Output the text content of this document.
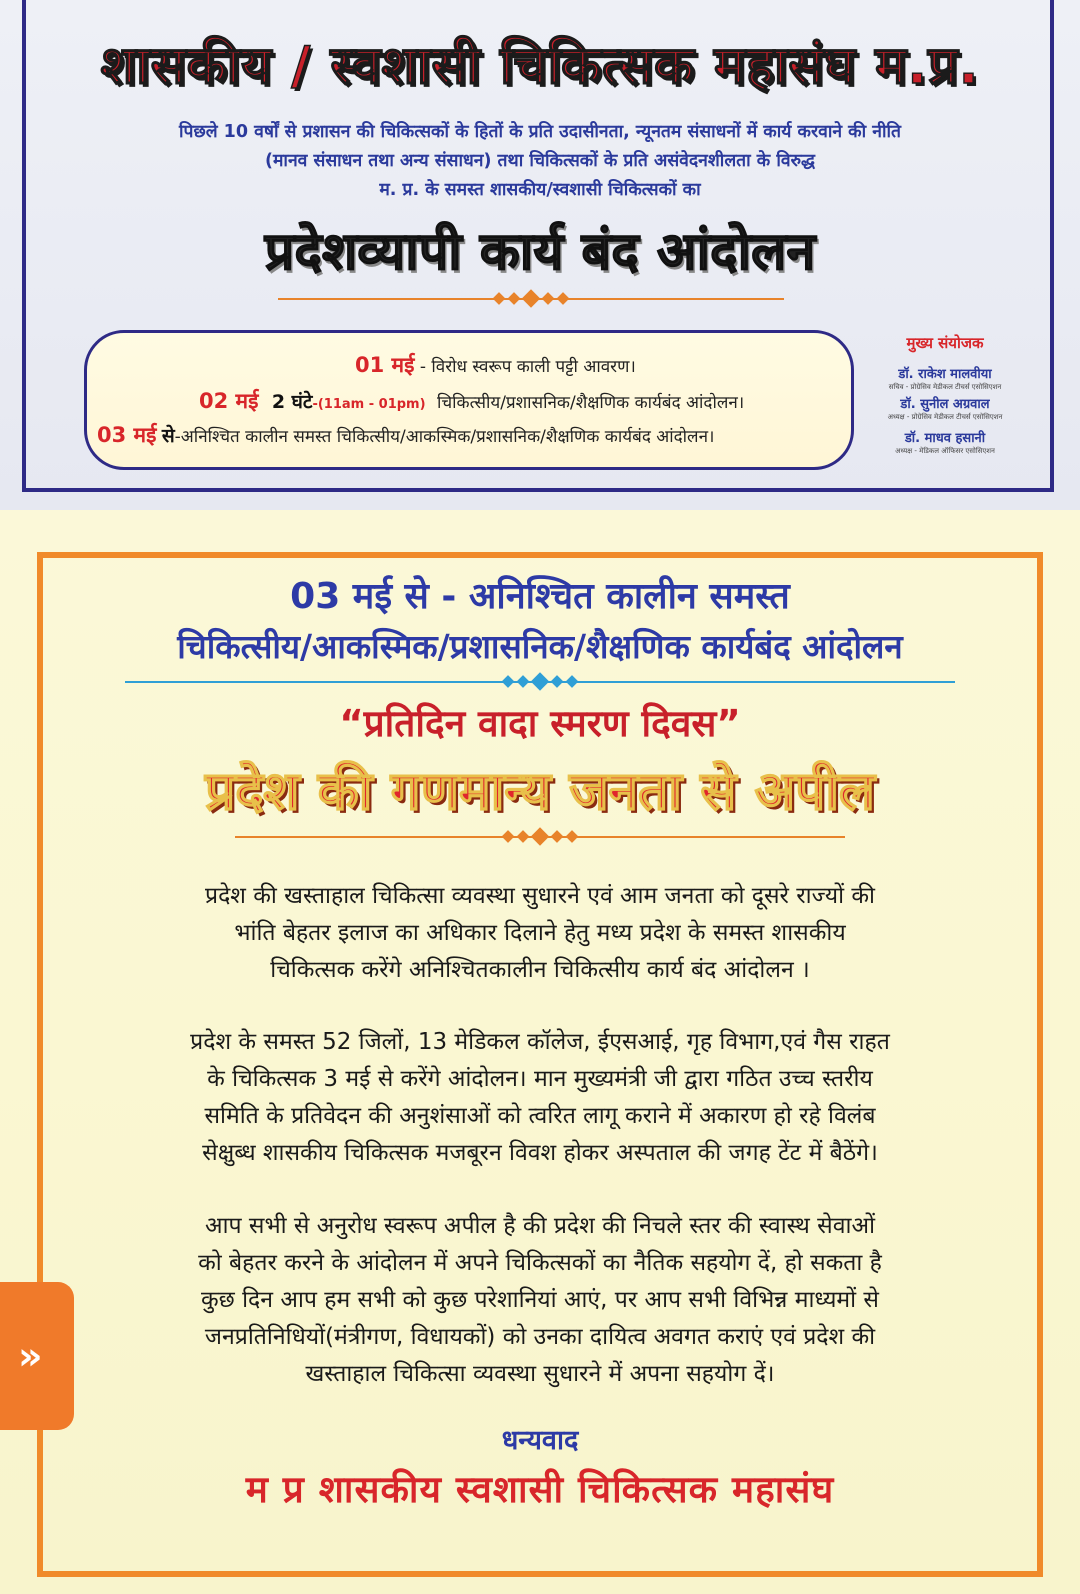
शासकीय / स्वशासी चिकित्सक महासंघ म.प्र.
पिछले 10 वर्षों से प्रशासन की चिकित्सकों के हितों के प्रति उदासीनता, न्यूनतम संसाधनों में कार्य करवाने की नीति
(मानव संसाधन तथा अन्य संसाधन) तथा चिकित्सकों के प्रति असंवेदनशीलता के विरुद्ध
म. प्र. के समस्त शासकीय/स्वशासी चिकित्सकों का
प्रदेशव्यापी कार्य बंद आंदोलन
01 मई - विरोध स्वरूप काली पट्टी आवरण।
02 मई 2 घंटे-(11am - 01pm) चिकित्सीय/प्रशासनिक/शैक्षणिक कार्यबंद आंदोलन।
03 मई से-अनिश्चित कालीन समस्त चिकित्सीय/आकस्मिक/प्रशासनिक/शैक्षणिक कार्यबंद आंदोलन।
मुख्य संयोजक
डॉ. राकेश मालवीया
सचिव - प्रोग्रेसिव मेडीकल टीचर्स एसोसिएशन
डॉ. सुनील अग्रवाल
अध्यक्ष - प्रोग्रेसिव मेडीकल टीचर्स एसोसिएशन
डॉ. माधव हसानी
अध्यक्ष - मेडिकल ऑफिसर एसोसिएशन
03 मई से - अनिश्चित कालीन समस्त
चिकित्सीय/आकस्मिक/प्रशासनिक/शैक्षणिक कार्यबंद आंदोलन
“प्रतिदिन वादा स्मरण दिवस”
प्रदेश की गणमान्य जनता से अपील
प्रदेश की खस्ताहाल चिकित्सा व्यवस्था सुधारने एवं आम जनता को दूसरे राज्यों की
भांति बेहतर इलाज का अधिकार दिलाने हेतु मध्य प्रदेश के समस्त शासकीय
चिकित्सक करेंगे अनिश्चितकालीन चिकित्सीय कार्य बंद आंदोलन ।
प्रदेश के समस्त 52 जिलों, 13 मेडिकल कॉलेज, ईएसआई, गृह विभाग,एवं गैस राहत
के चिकित्सक 3 मई से करेंगे आंदोलन। मान मुख्यमंत्री जी द्वारा गठित उच्च स्तरीय
समिति के प्रतिवेदन की अनुशंसाओं को त्वरित लागू कराने में अकारण हो रहे विलंब
सेक्षुब्ध शासकीय चिकित्सक मजबूरन विवश होकर अस्पताल की जगह टेंट में बैठेंगे।
आप सभी से अनुरोध स्वरूप अपील है की प्रदेश की निचले स्तर की स्वास्थ सेवाओं
को बेहतर करने के आंदोलन में अपने चिकित्सकों का नैतिक सहयोग दें, हो सकता है
कुछ दिन आप हम सभी को कुछ परेशानियां आएं, पर आप सभी विभिन्न माध्यमों से
जनप्रतिनिधियों(मंत्रीगण, विधायकों) को उनका दायित्व अवगत कराएं एवं प्रदेश की
खस्ताहाल चिकित्सा व्यवस्था सुधारने में अपना सहयोग दें।
धन्यवाद
म प्र शासकीय स्वशासी चिकित्सक महासंघ
»
